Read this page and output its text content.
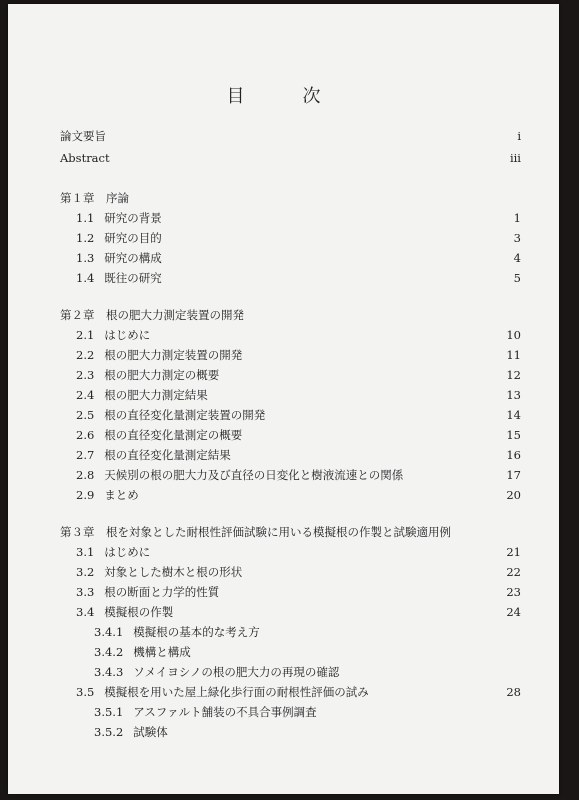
目　次
論文要旨	i
Abstract	iii
第１章　序論
1.1 研究の背景	1
1.2 研究の目的	3
1.3 研究の構成	4
1.4 既往の研究	5
第２章　根の肥大力測定装置の開発
2.1 はじめに	10
2.2 根の肥大力測定装置の開発	11
2.3 根の肥大力測定の概要	12
2.4 根の肥大力測定結果	13
2.5 根の直径変化量測定装置の開発	14
2.6 根の直径変化量測定の概要	15
2.7 根の直径変化量測定結果	16
2.8 天候別の根の肥大力及び直径の日変化と樹液流速との関係	17
2.9 まとめ	20
第３章　根を対象とした耐根性評価試験に用いる模擬根の作製と試験適用例
3.1 はじめに	21
3.2 対象とした樹木と根の形状	22
3.3 根の断面と力学的性質	23
3.4 模擬根の作製	24
3.4.1 模擬根の基本的な考え方
3.4.2 機構と構成
3.4.3 ソメイヨシノの根の肥大力の再現の確認
3.5 模擬根を用いた屋上緑化歩行面の耐根性評価の試み	28
3.5.1 アスファルト舗装の不具合事例調査
3.5.2 試験体
